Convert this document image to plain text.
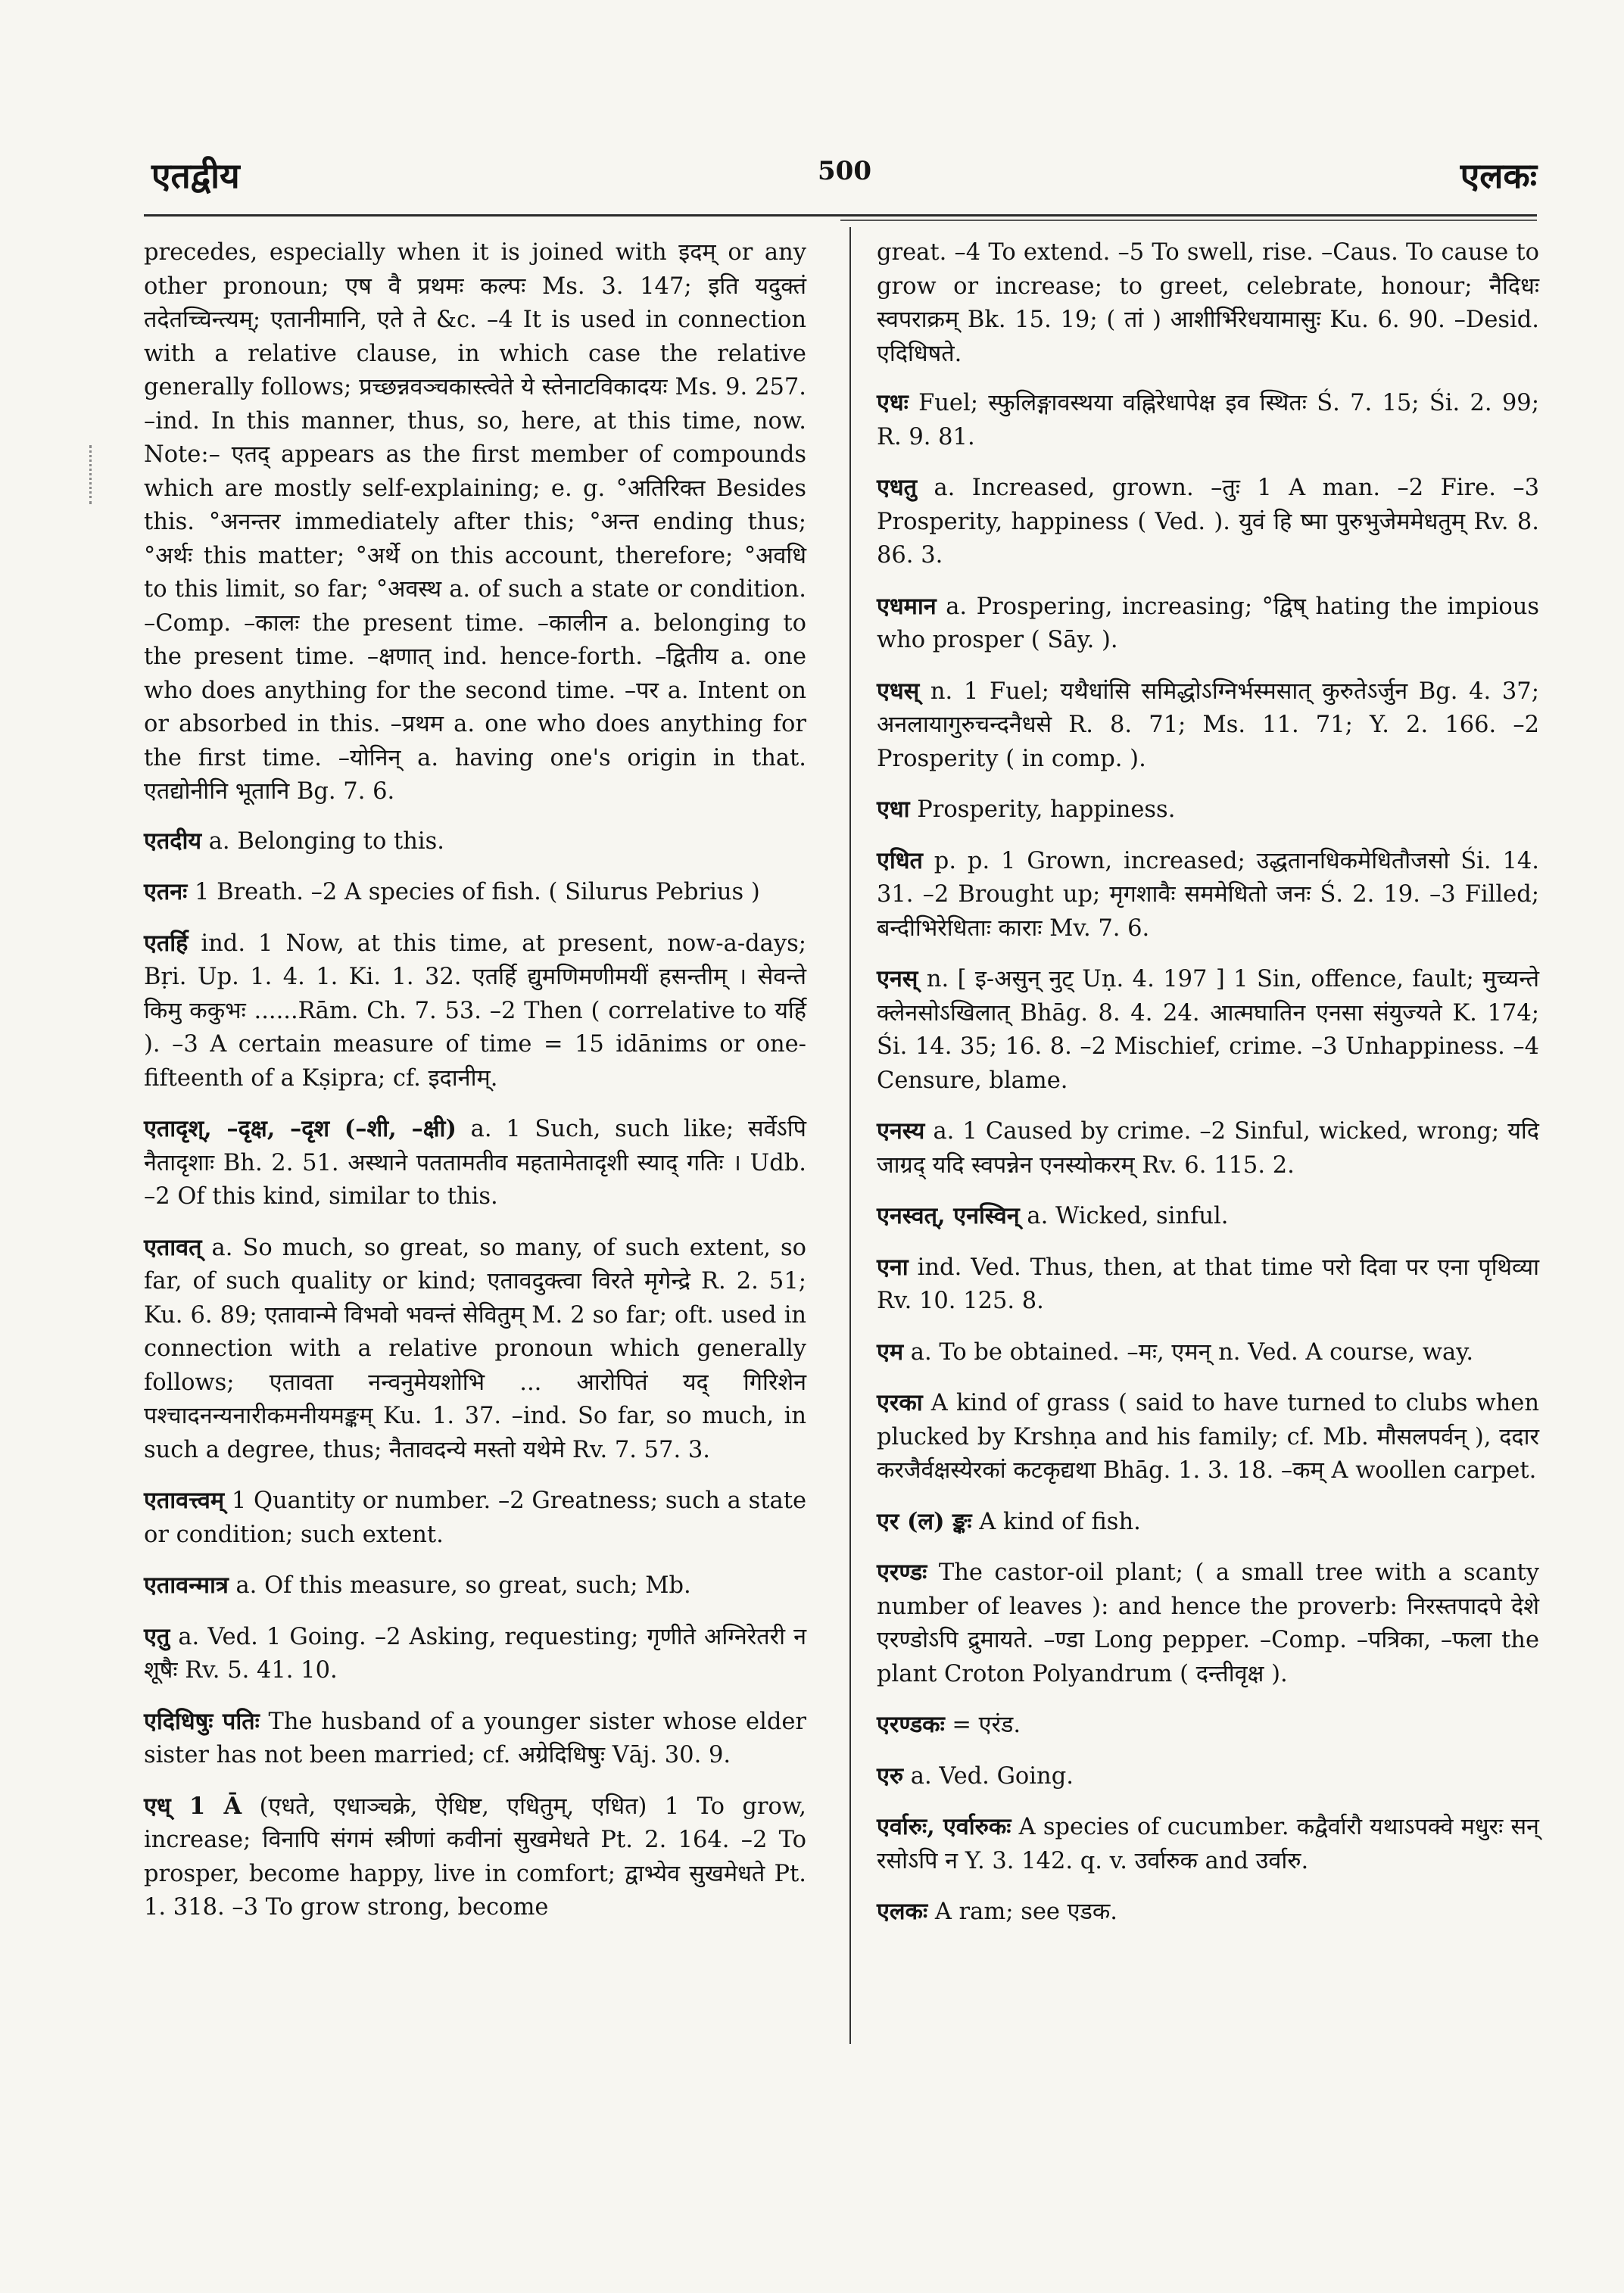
एतद्वीय	500	एलकः

precedes, especially when it is joined with इदम् or any other pronoun; एष वै प्रथमः कल्पः Ms. 3. 147; इति यदुक्तं तदेतच्चिन्त्यम्; एतानीमानि, एते ते &c. –4 It is used in connection with a relative clause, in which case the relative generally follows; प्रच्छन्नवञ्चकास्त्वेते ये स्तेनाटविकादयः Ms. 9. 257. –ind. In this manner, thus, so, here, at this time, now. Note:– एतद् appears as the first member of compounds which are mostly self-explaining; e. g. °अतिरिक्त Besides this. °अनन्तर immediately after this; °अन्त ending thus; °अर्थः this matter; °अर्थे on this account, therefore; °अवधि to this limit, so far; °अवस्थ a. of such a state or condition. –Comp. –कालः the present time. –कालीन a. belonging to the present time. –क्षणात् ind. hence-forth. –द्वितीय a. one who does anything for the second time. –पर a. Intent on or absorbed in this. –प्रथम a. one who does anything for the first time. –योनिन् a. having one's origin in that. एतद्योनीनि भूतानि Bg. 7. 6.

एतदीय a. Belonging to this.

एतनः 1 Breath. –2 A species of fish. ( Silurus Pebrius )

एतर्हि ind. 1 Now, at this time, at present, now-a-days; Bṛi. Up. 1. 4. 1. Ki. 1. 32. एतर्हि द्युमणिमणीमयीं हसन्तीम् । सेवन्ते किमु ककुभः ......Rām. Ch. 7. 53. –2 Then ( correlative to यर्हि ). –3 A certain measure of time = 15 idānims or one-fifteenth of a Kṣipra; cf. इदानीम्.

एतादृश्, –दृक्ष, –दृश (–शी, –क्षी) a. 1 Such, such like; सर्वेऽपि नैतादृशाः Bh. 2. 51. अस्थाने पततामतीव महतामेतादृशी स्याद् गतिः । Udb. –2 Of this kind, similar to this.

एतावत् a. So much, so great, so many, of such extent, so far, of such quality or kind; एतावदुक्त्वा विरते मृगेन्द्रे R. 2. 51; Ku. 6. 89; एतावान्मे विभवो भवन्तं सेवितुम् M. 2 so far; oft. used in connection with a relative pronoun which generally follows; एतावता नन्वनुमेयशोभि ... आरोपितं यद् गिरिशेन पश्चादनन्यनारीकमनीयमङ्कम् Ku. 1. 37. –ind. So far, so much, in such a degree, thus; नैतावदन्ये मस्तो यथेमे Rv. 7. 57. 3.

एतावत्त्वम् 1 Quantity or number. –2 Greatness; such a state or condition; such extent.

एतावन्मात्र a. Of this measure, so great, such; Mb.

एतु a. Ved. 1 Going. –2 Asking, requesting; गृणीते अग्निरेतरी न शूषैः Rv. 5. 41. 10.

एदिधिषुः पतिः The husband of a younger sister whose elder sister has not been married; cf. अग्रेदिधिषुः Vāj. 30. 9.

एध् 1 Ā (एधते, एधाञ्चक्रे, ऐधिष्ट, एधितुम्, एधित) 1 To grow, increase; विनापि संगमं स्त्रीणां कवीनां सुखमेधते Pt. 2. 164. –2 To prosper, become happy, live in comfort; द्वाभ्येव सुखमेधते Pt. 1. 318. –3 To grow strong, become

great. –4 To extend. –5 To swell, rise. –Caus. To cause to grow or increase; to greet, celebrate, honour; नैदिधः स्वपराक्रम् Bk. 15. 19; ( तां ) आशीर्भिरेधयामासुः Ku. 6. 90. –Desid. एदिधिषते.

एधः Fuel; स्फुलिङ्गावस्थया वह्निरेधापेक्ष इव स्थितः Ś. 7. 15; Śi. 2. 99; R. 9. 81.

एधतु a. Increased, grown. –तुः 1 A man. –2 Fire. –3 Prosperity, happiness ( Ved. ). युवं हि ष्मा पुरुभुजेममेधतुम् Rv. 8. 86. 3.

एधमान a. Prospering, increasing; °द्विष् hating the impious who prosper ( Sāy. ).

एधस् n. 1 Fuel; यथैधांसि समिद्धोऽग्निर्भस्मसात् कुरुतेऽर्जुन Bg. 4. 37; अनलायागुरुचन्दनैधसे R. 8. 71; Ms. 11. 71; Y. 2. 166. –2 Prosperity ( in comp. ).

एधा Prosperity, happiness.

एधित p. p. 1 Grown, increased; उद्धतानधिकमेधितौजसो Śi. 14. 31. –2 Brought up; मृगशावैः सममेधितो जनः Ś. 2. 19. –3 Filled; बन्दीभिरेधिताः काराः Mv. 7. 6.

एनस् n. [ इ-असुन् नुट् Uṇ. 4. 197 ] 1 Sin, offence, fault; मुच्यन्ते क्लेनसोऽखिलात् Bhāg. 8. 4. 24. आत्मघातिन एनसा संयुज्यते K. 174; Śi. 14. 35; 16. 8. –2 Mischief, crime. –3 Unhappiness. –4 Censure, blame.

एनस्य a. 1 Caused by crime. –2 Sinful, wicked, wrong; यदि जाग्रद् यदि स्वपन्नेन एनस्योकरम् Rv. 6. 115. 2.

एनस्वत्, एनस्विन् a. Wicked, sinful.

एना ind. Ved. Thus, then, at that time परो दिवा पर एना पृथिव्या Rv. 10. 125. 8.

एम a. To be obtained. –मः, एमन् n. Ved. A course, way.

एरका A kind of grass ( said to have turned to clubs when plucked by Krshṇa and his family; cf. Mb. मौसलपर्वन् ), ददार करजैर्वक्षस्येरकां कटकृद्यथा Bhāg. 1. 3. 18. –कम् A woollen carpet.

एर (ल) ङ्कः A kind of fish.

एरण्डः The castor-oil plant; ( a small tree with a scanty number of leaves ): and hence the proverb: निरस्तपादपे देशे एरण्डोऽपि द्रुमायते. –ण्डा Long pepper. –Comp. –पत्रिका, –फला the plant Croton Polyandrum ( दन्तीवृक्ष ).

एरण्डकः = एरंड.

एरु a. Ved. Going.

एर्वारुः, एर्वारुकः A species of cucumber. कद्वैर्वारौ यथाऽपक्वे मधुरः सन् रसोऽपि न Y. 3. 142. q. v. उर्वारुक and उर्वारु.

एलकः A ram; see एडक.
